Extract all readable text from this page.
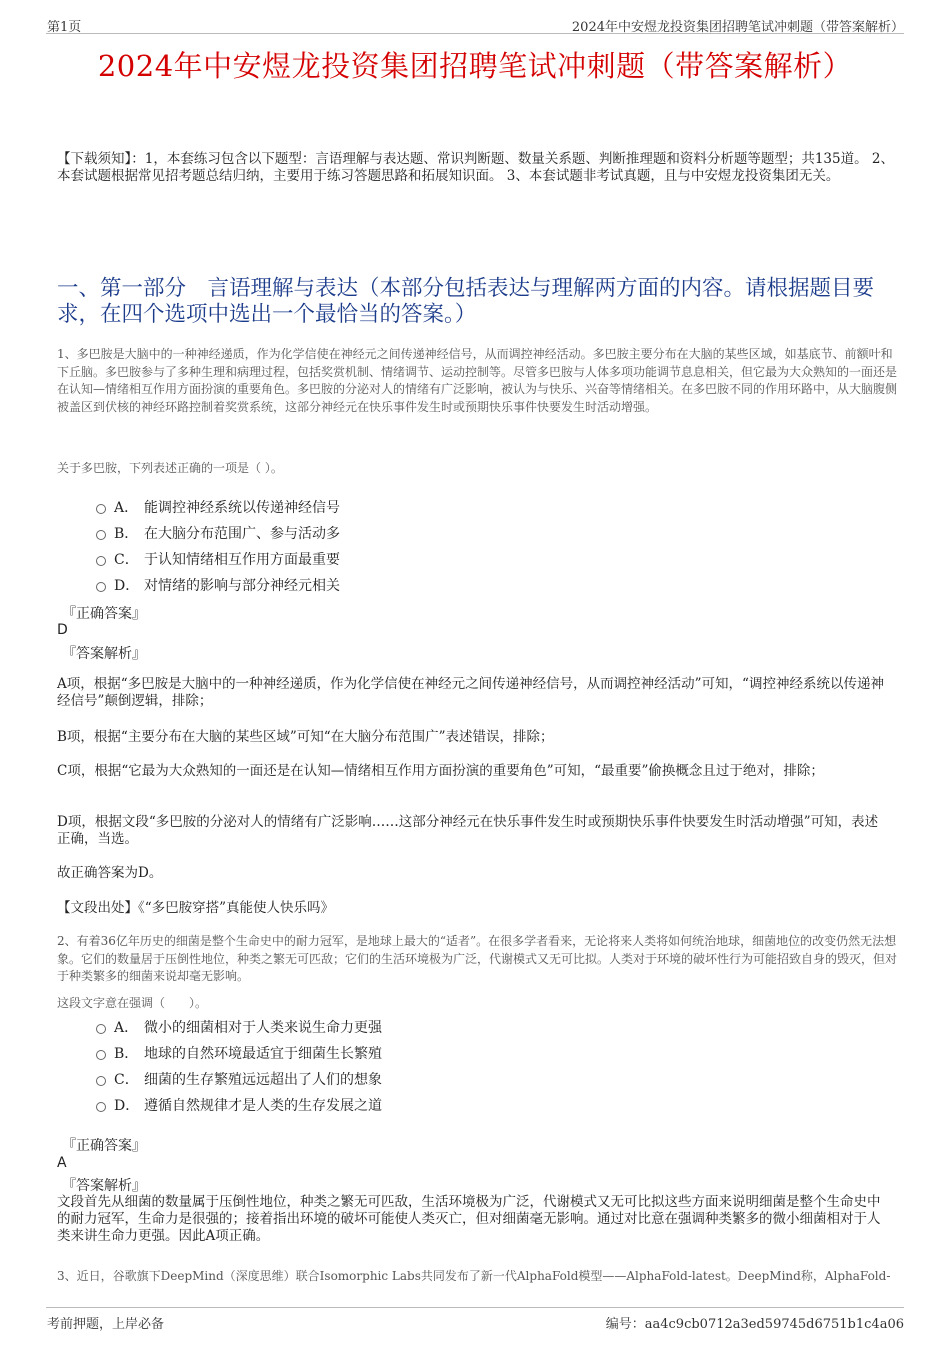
第1页	2024年中安煜龙投资集团招聘笔试冲刺题（带答案解析）
2024年中安煜龙投资集团招聘笔试冲刺题（带答案解析）
【下载须知】：1，本套练习包含以下题型：言语理解与表达题、常识判断题、数量关系题、判断推理题和资料分析题等题型；共135道。 2、本套试题根据常见招考题总结归纳，主要用于练习答题思路和拓展知识面。 3、本套试题非考试真题，且与中安煜龙投资集团无关。
一、第一部分　言语理解与表达（本部分包括表达与理解两方面的内容。请根据题目要求，在四个选项中选出一个最恰当的答案。）
1、多巴胺是大脑中的一种神经递质，作为化学信使在神经元之间传递神经信号，从而调控神经活动。多巴胺主要分布在大脑的某些区域，如基底节、前额叶和下丘脑。多巴胺参与了多种生理和病理过程，包括奖赏机制、情绪调节、运动控制等。尽管多巴胺与人体多项功能调节息息相关，但它最为大众熟知的一面还是在认知—情绪相互作用方面扮演的重要角色。多巴胺的分泌对人的情绪有广泛影响，被认为与快乐、兴奋等情绪相关。在多巴胺不同的作用环路中，从大脑腹侧被盖区到伏核的神经环路控制着奖赏系统，这部分神经元在快乐事件发生时或预期快乐事件快要发生时活动增强。
关于多巴胺，下列表述正确的一项是（ ）。
A． 能调控神经系统以传递神经信号
B． 在大脑分布范围广、参与活动多
C． 于认知情绪相互作用方面最重要
D． 对情绪的影响与部分神经元相关
『正确答案』
D
『答案解析』
A项，根据“多巴胺是大脑中的一种神经递质，作为化学信使在神经元之间传递神经信号，从而调控神经活动”可知，“调控神经系统以传递神经信号”颠倒逻辑，排除；
B项，根据“主要分布在大脑的某些区域”可知“在大脑分布范围广”表述错误，排除；
C项，根据“它最为大众熟知的一面还是在认知—情绪相互作用方面扮演的重要角色”可知，“最重要”偷换概念且过于绝对，排除；
D项，根据文段“多巴胺的分泌对人的情绪有广泛影响……这部分神经元在快乐事件发生时或预期快乐事件快要发生时活动增强”可知，表述正确，当选。
故正确答案为D。
【文段出处】《“多巴胺穿搭”真能使人快乐吗》
2、有着36亿年历史的细菌是整个生命史中的耐力冠军，是地球上最大的“适者”。在很多学者看来，无论将来人类将如何统治地球，细菌地位的改变仍然无法想象。它们的数量居于压倒性地位，种类之繁无可匹敌；它们的生活环境极为广泛，代谢模式又无可比拟。人类对于环境的破坏性行为可能招致自身的毁灭，但对于种类繁多的细菌来说却毫无影响。
这段文字意在强调（　　）。
A． 微小的细菌相对于人类来说生命力更强
B． 地球的自然环境最适宜于细菌生长繁殖
C． 细菌的生存繁殖远远超出了人们的想象
D． 遵循自然规律才是人类的生存发展之道
『正确答案』
A
『答案解析』
文段首先从细菌的数量属于压倒性地位，种类之繁无可匹敌，生活环境极为广泛，代谢模式又无可比拟这些方面来说明细菌是整个生命史中的耐力冠军，生命力是很强的；接着指出环境的破坏可能使人类灭亡，但对细菌毫无影响。通过对比意在强调种类繁多的微小细菌相对于人类来讲生命力更强。因此A项正确。
3、近日，谷歌旗下DeepMind（深度思维）联合Isomorphic Labs共同发布了新一代AlphaFold模型——AlphaFold-latest。DeepMind称，AlphaFold-
考前押题，上岸必备	编号：aa4c9cb0712a3ed59745d6751b1c4a06
